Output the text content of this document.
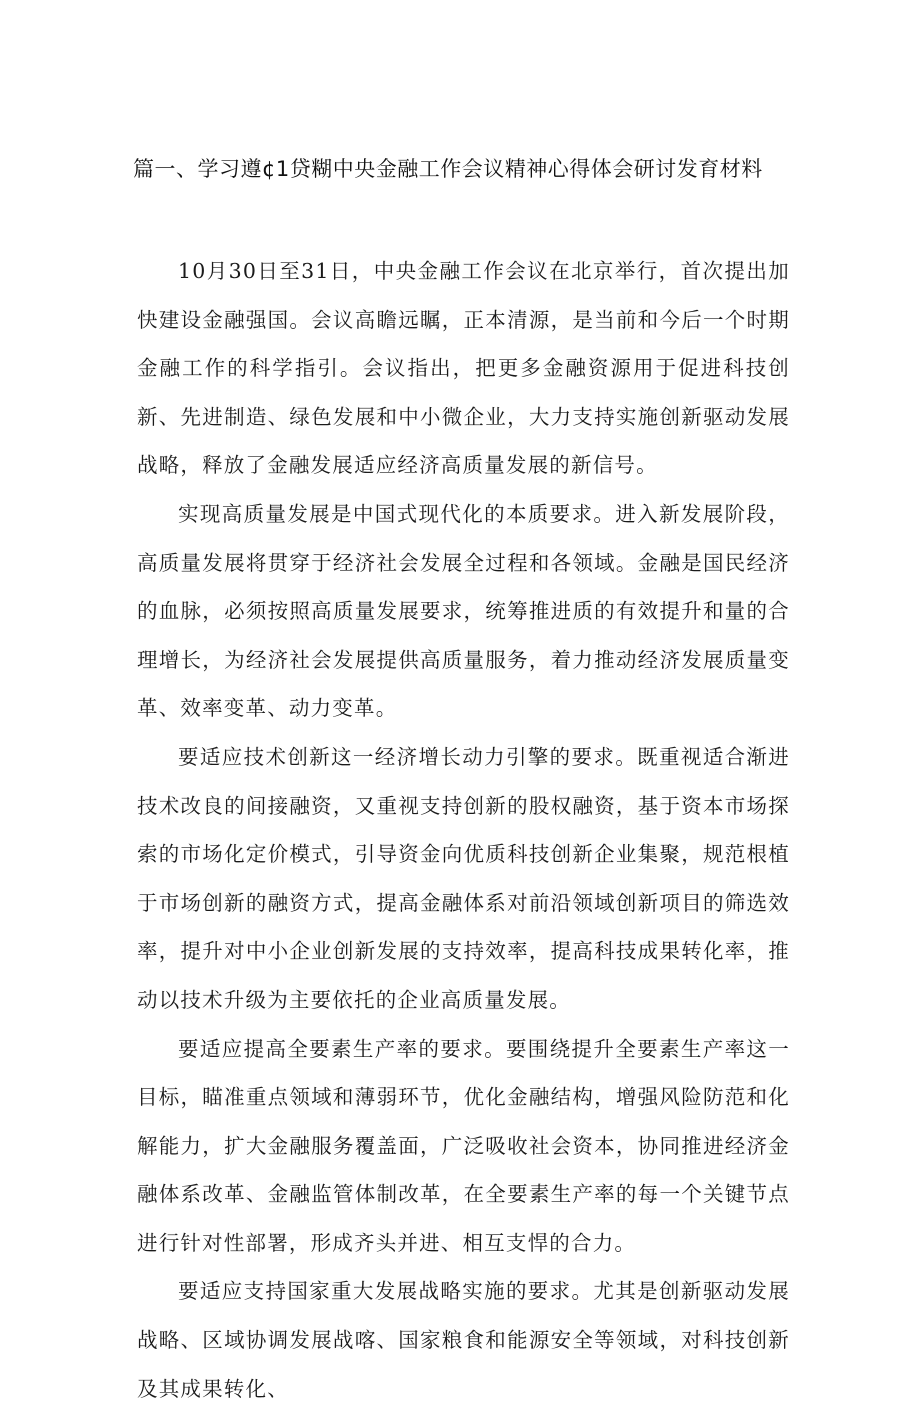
篇一、学习遵¢1贷糊中央金融工作会议精神心得体会研讨发育材料

10月30日至31日，中央金融工作会议在北京举行，首次提出加快建设金融强国。会议高瞻远瞩，正本清源，是当前和今后一个时期金融工作的科学指引。会议指出，把更多金融资源用于促进科技创新、先进制造、绿色发展和中小微企业，大力支持实施创新驱动发展战略，释放了金融发展适应经济高质量发展的新信号。

实现高质量发展是中国式现代化的本质要求。进入新发展阶段，高质量发展将贯穿于经济社会发展全过程和各领域。金融是国民经济的血脉，必须按照高质量发展要求，统筹推进质的有效提升和量的合理增长，为经济社会发展提供高质量服务，着力推动经济发展质量变革、效率变革、动力变革。

要适应技术创新这一经济增长动力引擎的要求。既重视适合渐进技术改良的间接融资，又重视支持创新的股权融资，基于资本市场探索的市场化定价模式，引导资金向优质科技创新企业集聚，规范根植于市场创新的融资方式，提高金融体系对前沿领域创新项目的筛选效率，提升对中小企业创新发展的支持效率，提高科技成果转化率，推动以技术升级为主要依托的企业高质量发展。

要适应提高全要素生产率的要求。要围绕提升全要素生产率这一目标，瞄准重点领域和薄弱环节，优化金融结构，增强风险防范和化解能力，扩大金融服务覆盖面，广泛吸收社会资本，协同推进经济金融体系改革、金融监管体制改革，在全要素生产率的每一个关键节点进行针对性部署，形成齐头并进、相互支悍的合力。

要适应支持国家重大发展战略实施的要求。尤其是创新驱动发展战略、区域协调发展战喀、国家粮食和能源安全等领域，对科技创新及其成果转化、
